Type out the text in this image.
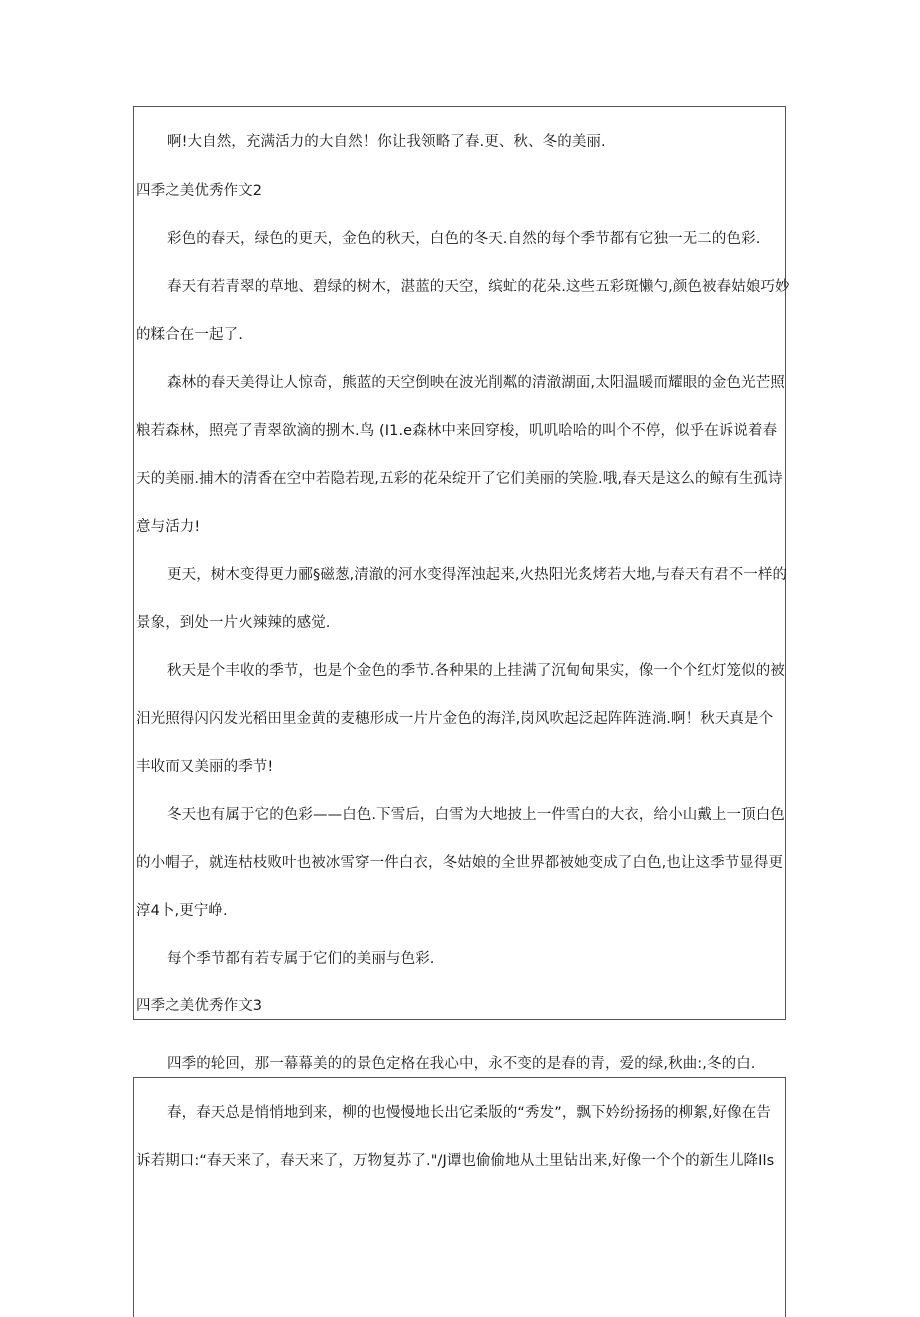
啊!大自然，充满活力的大自然！你让我领略了春.更、秋、冬的美丽.

四季之美优秀作文2

彩色的春天，绿色的更天，金色的秋天，白色的冬天.自然的每个季节都有它独一无二的色彩.

春天有若青翠的草地、碧绿的树木，湛蓝的天空，缤虻的花朵.这些五彩斑懒勺,颜色被春姑娘巧妙

的糅合在一起了.

森林的春天美得让人惊奇，熊蓝的天空倒映在波光削粼的清澈湖面,太阳温暖而耀眼的金色光芒照

粮若森林，照亮了青翠欲滴的捌木.鸟 (I1.e森林中来回穿梭，叽叽哈哈的叫个不停，似乎在诉说着春

天的美丽.捕木的清香在空中若隐若现,五彩的花朵绽开了它们美丽的笑脸.哦,春天是这么的鲸有生孤诗

意与活力!

更天，树木变得更力郦§磁葱,清澈的河水变得浑浊起来,火热阳光炙烤若大地,与春天有君不一样的

景象，到处一片火辣辣的感觉.

秋天是个丰收的季节，也是个金色的季节.各种果的上挂满了沉甸甸果实，像一个个红灯笼似的被

汨光照得闪闪发光稻田里金黄的麦穗形成一片片金色的海洋,岗风吹起泛起阵阵涟淌.啊！秋天真是个

丰收而又美丽的季节!

冬天也有属于它的色彩——白色.下雪后，白雪为大地披上一件雪白的大衣，给小山戴上一顶白色

的小帽子，就连枯枝败叶也被冰雪穿一件白衣，冬姑娘的全世界都被她变成了白色,也让这季节显得更

淳4卜,更宁峥.

每个季节都有若专属于它们的美丽与色彩.

四季之美优秀作文3

四季的轮回，那一幕幕美的的景色定格在我心中，永不变的是春的青，爱的绿,秋曲:,冬的白.

春，春天总是悄悄地到来，柳的也慢慢地长出它柔版的“秀发”，飘下妗纷扬扬的柳絮,好像在告

诉若期口:“春天来了，春天来了，万物复苏了."/J谭也偷偷地从土里钻出来,好像一个个的新生儿降Ils
